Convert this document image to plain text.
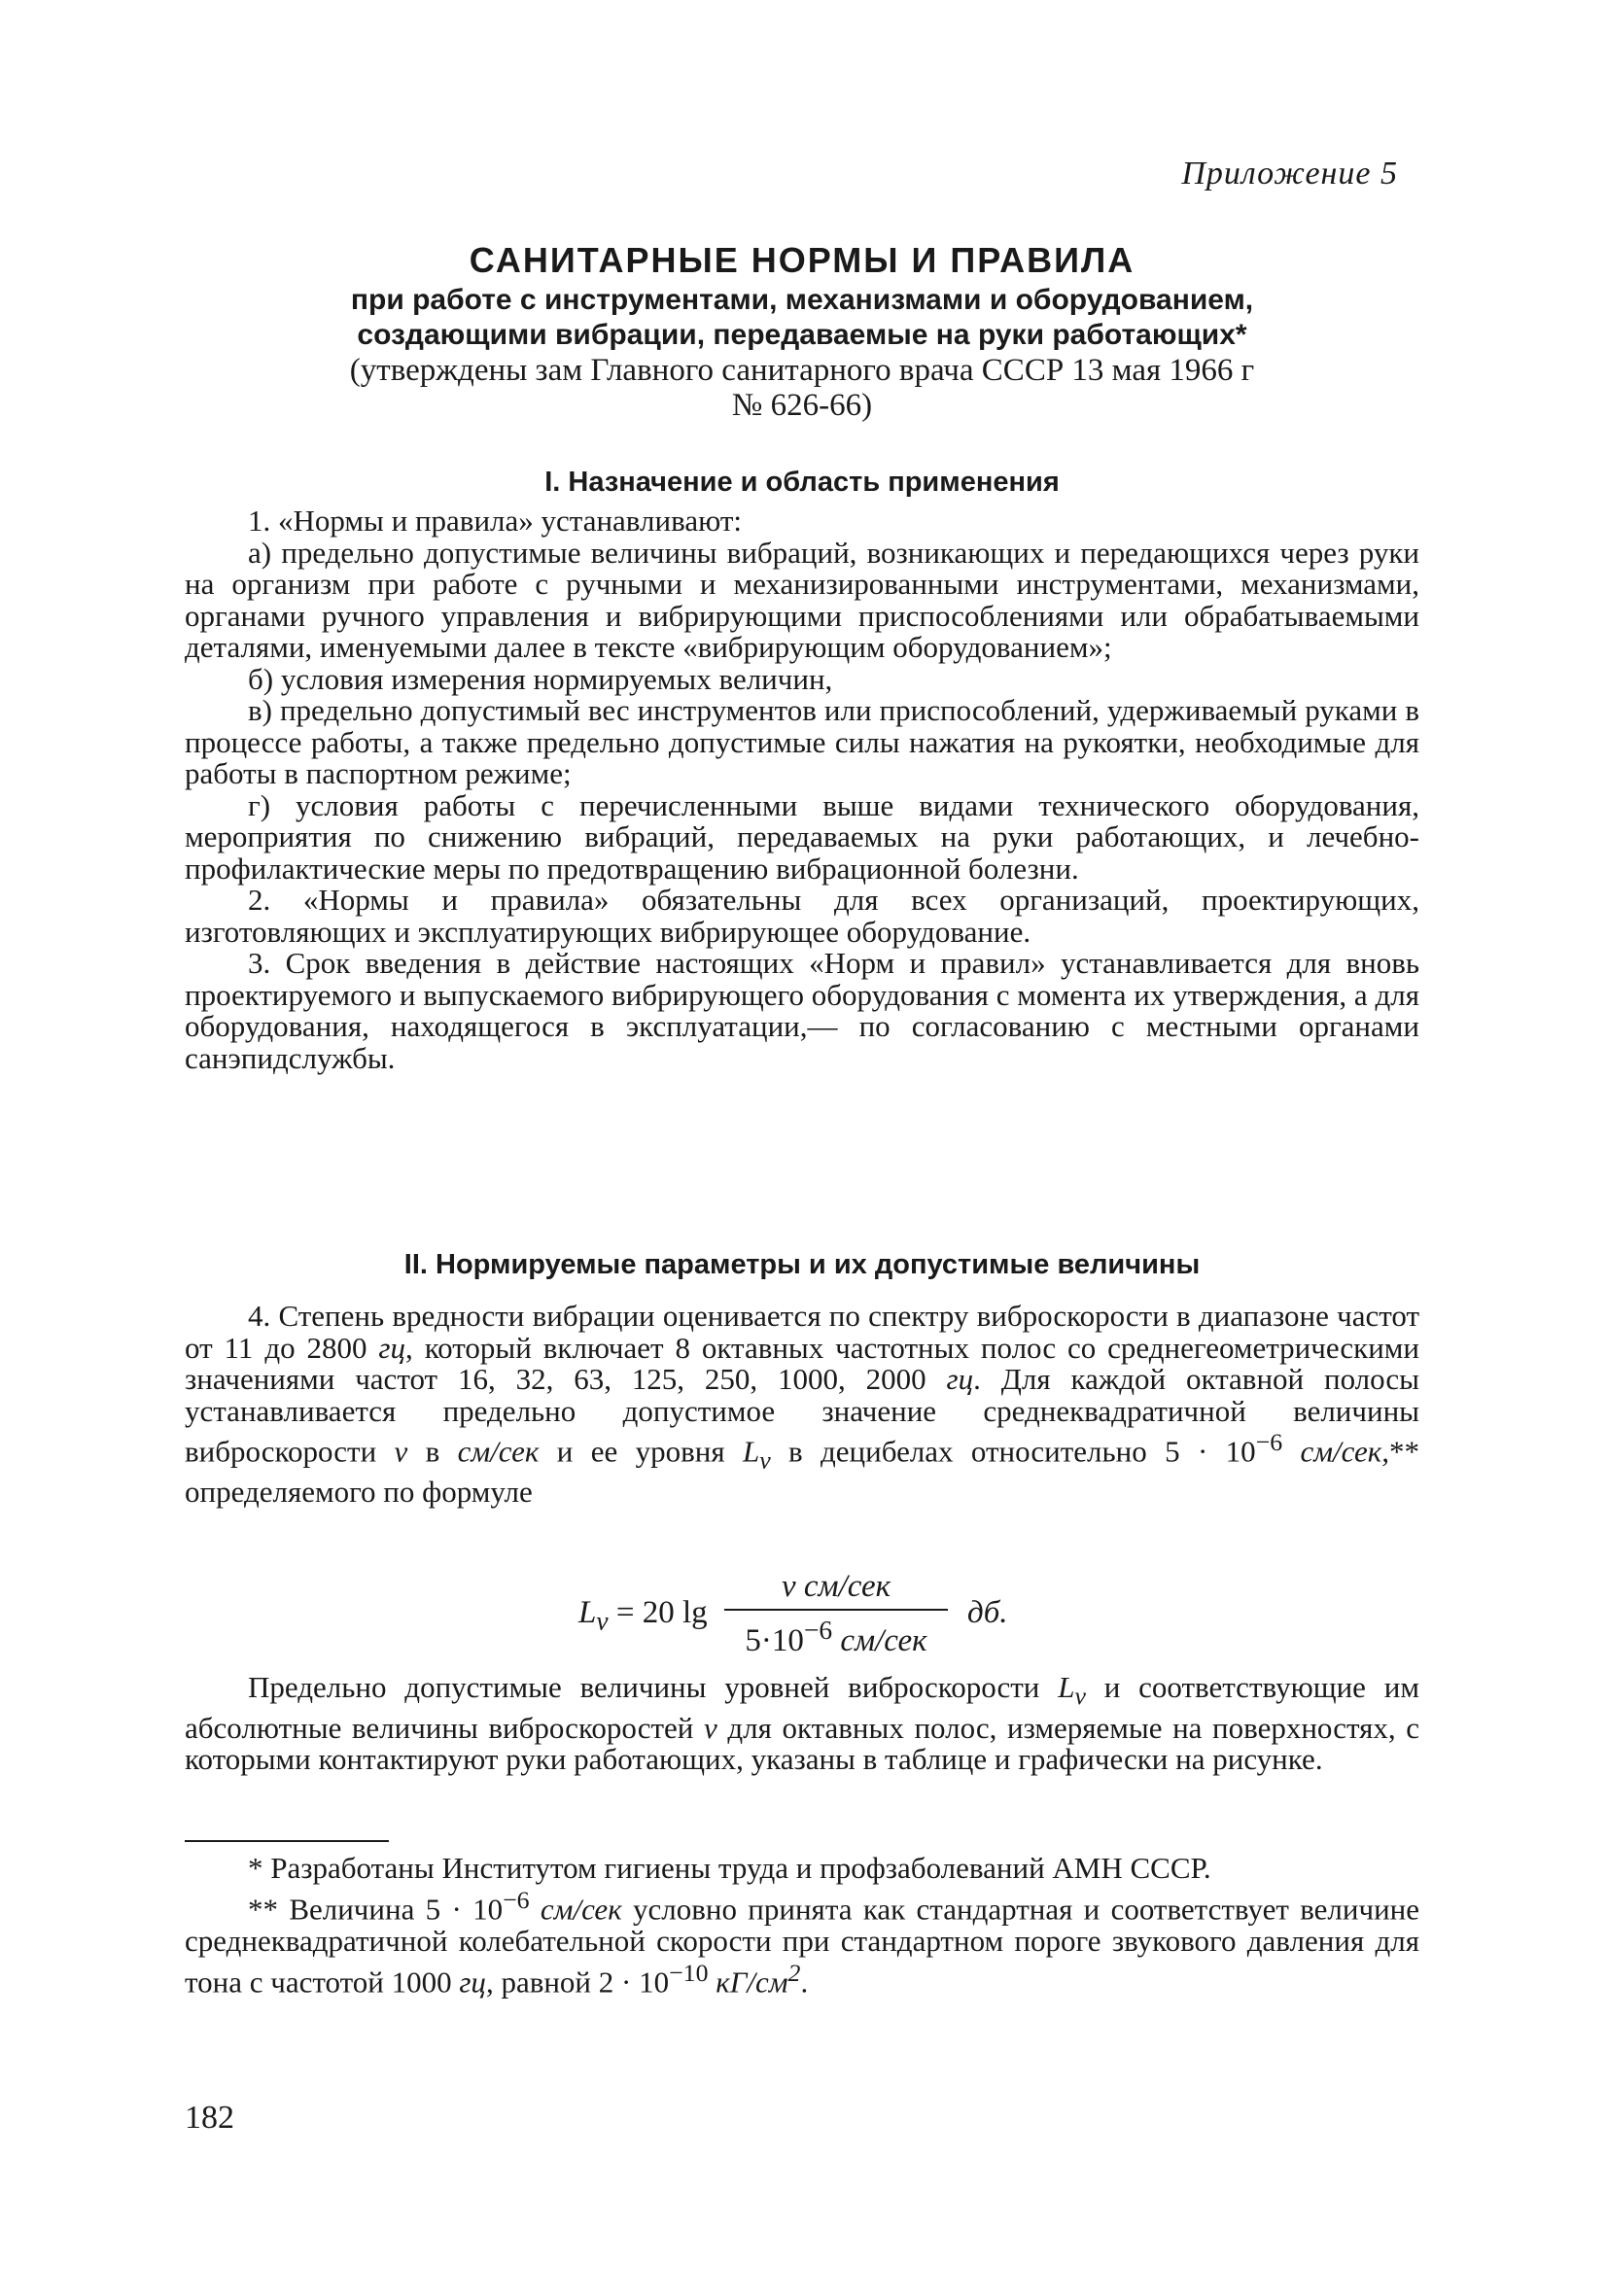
Приложение 5
САНИТАРНЫЕ НОРМЫ И ПРАВИЛА
при работе с инструментами, механизмами и оборудованием,
создающими вибрации, передаваемые на руки работающих*
(утверждены зам Главного санитарного врача СССР 13 мая 1966 г
№ 626-66)
I. Назначение и область применения

1. «Нормы и правила» устанавливают:

а) предельно допустимые величины вибраций, возникающих и передающихся через руки на организм при работе с ручными и механизированными инструментами, механизмами, органами ручного управления и вибрирующими приспособлениями или обрабатываемыми деталями, именуемыми далее в тексте «вибрирующим оборудованием»;

б) условия измерения нормируемых величин,

в) предельно допустимый вес инструментов или приспособлений, удерживаемый руками в процессе работы, а также предельно допустимые силы нажатия на рукоятки, необходимые для работы в паспортном режиме;

г) условия работы с перечисленными выше видами технического оборудования, мероприятия по снижению вибраций, передаваемых на руки работающих, и лечебно-профилактические меры по предотвращению вибрационной болезни.

2. «Нормы и правила» обязательны для всех организаций, проектирующих, изготовляющих и эксплуатирующих вибрирующее оборудование.

3. Срок введения в действие настоящих «Норм и правил» устанавливается для вновь проектируемого и выпускаемого вибрирующего оборудования с момента их утверждения, а для оборудования, находящегося в эксплуатации,— по согласованию с местными органами санэпидслужбы.

II. Нормируемые параметры и их допустимые величины

4. Степень вредности вибрации оценивается по спектру виброскорости в диапазоне частот от 11 до 2800 гц, который включает 8 октавных частотных полос со среднегеометрическими значениями частот 16, 32, 63, 125, 250, 1000, 2000 гц. Для каждой октавной полосы устанавливается предельно допустимое значение среднеквадратичной величины виброскорости v в см/сек и ее уровня $L_v$ в децибелах относительно $5 \cdot 10^{-6}$ см/сек,** определяемого по формуле

$L_v = 20$ lg
v см/сек
$5\cdot 10^{-6}$ см/сек
дб.

Предельно допустимые величины уровней виброскорости $L_v$ и соответствующие им абсолютные величины виброскоростей v для октавных полос, измеряемые на поверхностях, с которыми контактируют руки работающих, указаны в таблице и графически на рисунке.

* Разработаны Институтом гигиены труда и профзаболеваний АМН СССР.

** Величина $5 \cdot 10^{-6}$ см/сек условно принята как стандартная и соответствует величине среднеквадратичной колебательной скорости при стандартном пороге звукового давления для тона с частотой 1000 гц, равной $2 \cdot 10^{-10}$ $кГ/см^2$.

182
